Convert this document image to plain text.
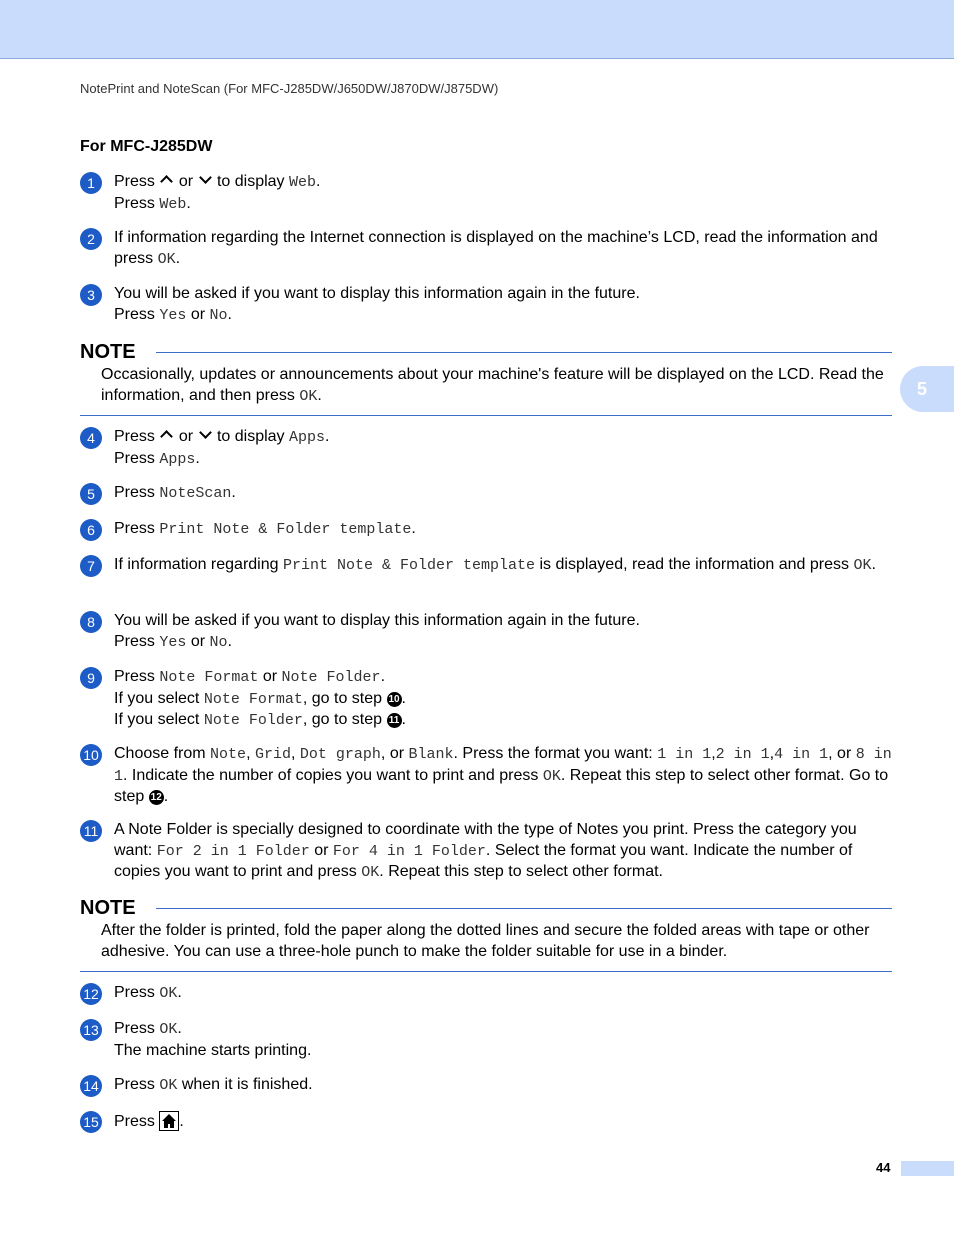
NotePrint and NoteScan (For MFC-J285DW/J650DW/J870DW/J875DW)
5
For MFC-J285DW
1	Press or to display Web.
Press Web.
2	If information regarding the Internet connection is displayed on the machine’s LCD, read the information and press OK.
3	You will be asked if you want to display this information again in the future.
Press Yes or No.
NOTE
Occasionally, updates or announcements about your machine's feature will be displayed on the LCD. Read the information, and then press OK.
4	Press or to display Apps.
Press Apps.
5	Press NoteScan.
6	Press Print Note & Folder template.
7	If information regarding Print Note & Folder template is displayed, read the information and press OK.
8	You will be asked if you want to display this information again in the future.
Press Yes or No.
9	Press Note Format or Note Folder.
If you select Note Format, go to step 10 .
If you select Note Folder, go to step 11 .
10 Choose from Note, Grid, Dot graph, or Blank. Press the format you want: 1 in 1,2 in 1,4 in 1, or 8 in 1. Indicate the number of copies you want to print and press OK. Repeat this step to select other format. Go to step 12 .
11 A Note Folder is specially designed to coordinate with the type of Notes you print. Press the category you want: For 2 in 1 Folder or For 4 in 1 Folder. Select the format you want. Indicate the number of copies you want to print and press OK. Repeat this step to select other format.
NOTE
After the folder is printed, fold the paper along the dotted lines and secure the folded areas with tape or other adhesive. You can use a three-hole punch to make the folder suitable for use in a binder.
12 Press OK.
13 Press OK.
The machine starts printing.
14 Press OK when it is finished.
15 Press .
44
